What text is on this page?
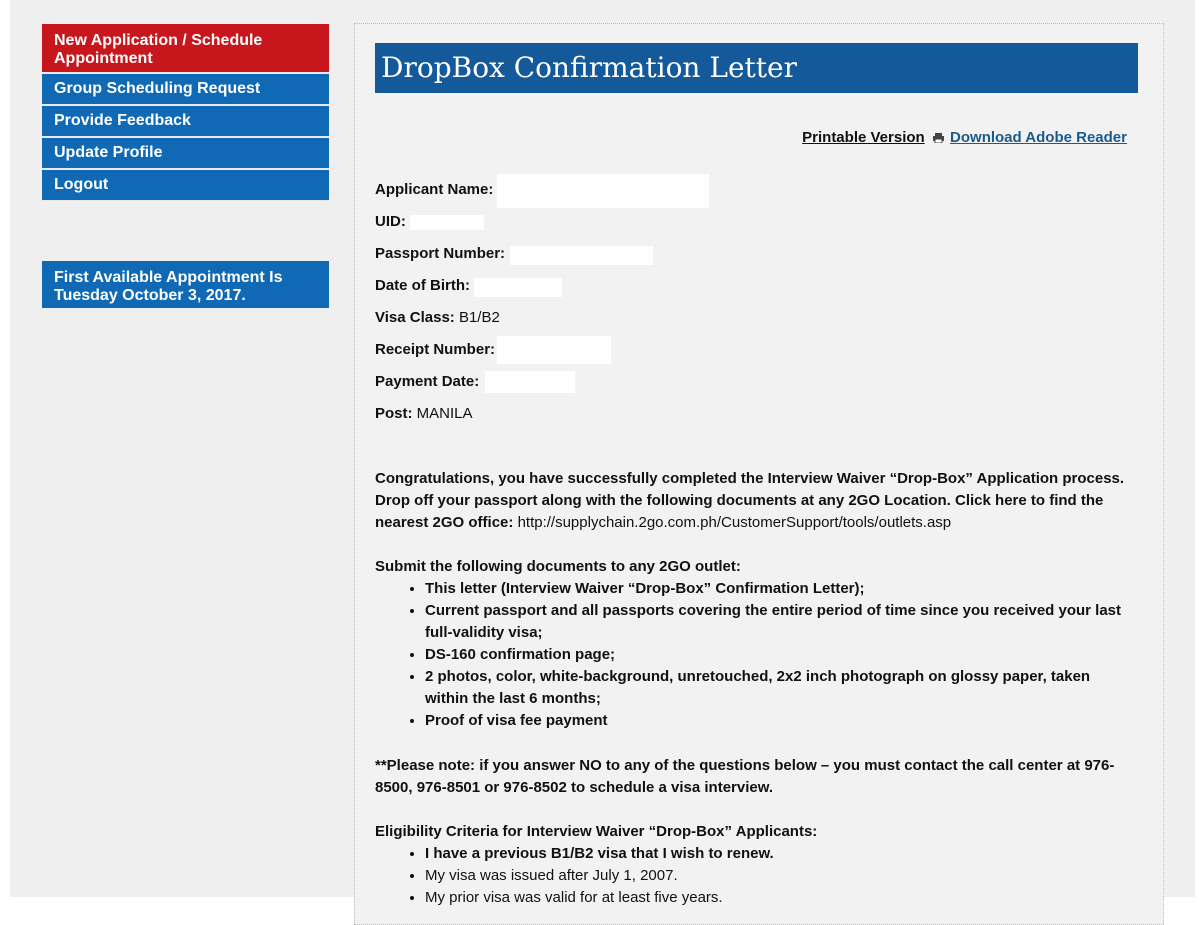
New Application / Schedule Appointment
Group Scheduling Request
Provide Feedback
Update Profile
Logout
First Available Appointment Is Tuesday October 3, 2017.
DropBox Confirmation Letter
Printable Version Download Adobe Reader
Applicant Name:
UID:
Passport Number:
Date of Birth:
Visa Class: B1/B2
Receipt Number:
Payment Date:
Post: MANILA
Congratulations, you have successfully completed the Interview Waiver “Drop-Box” Application process. Drop off your passport along with the following documents at any 2GO Location. Click here to find the nearest 2GO office: http://supplychain.2go.com.ph/CustomerSupport/tools/outlets.asp
Submit the following documents to any 2GO outlet:
• This letter (Interview Waiver “Drop-Box” Confirmation Letter);
• Current passport and all passports covering the entire period of time since you received your last full-validity visa;
• DS-160 confirmation page;
• 2 photos, color, white-background, unretouched, 2x2 inch photograph on glossy paper, taken within the last 6 months;
• Proof of visa fee payment
**Please note: if you answer NO to any of the questions below – you must contact the call center at 976-8500, 976-8501 or 976-8502 to schedule a visa interview.
Eligibility Criteria for Interview Waiver “Drop-Box” Applicants:
• I have a previous B1/B2 visa that I wish to renew.
• My visa was issued after July 1, 2007.
• My prior visa was valid for at least five years.
